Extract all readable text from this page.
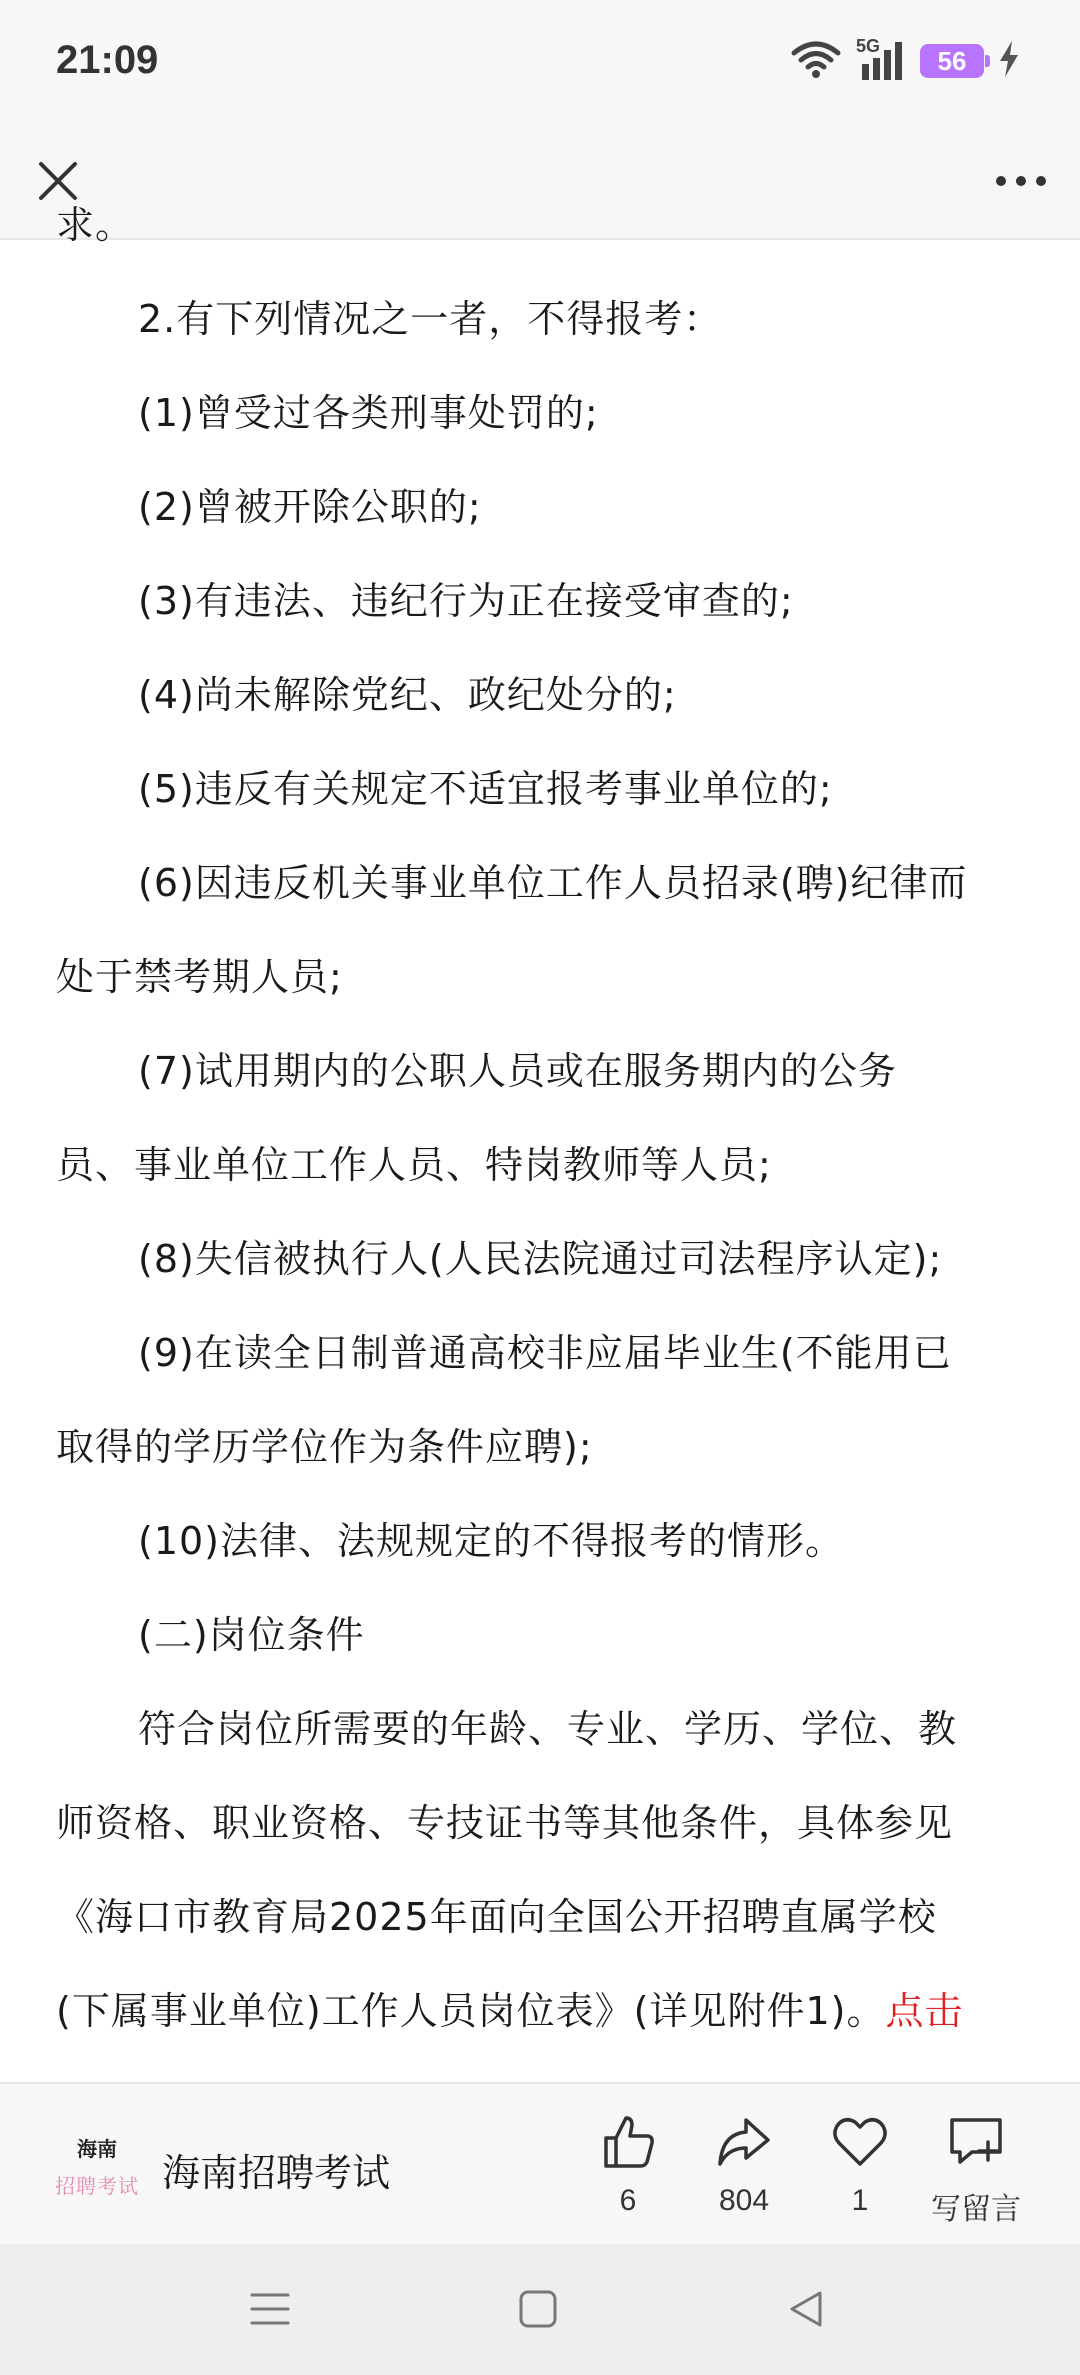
21:09	5G 56
求。
2.有下列情况之一者，不得报考：
(1)曾受过各类刑事处罚的;
(2)曾被开除公职的;
(3)有违法、违纪行为正在接受审查的;
(4)尚未解除党纪、政纪处分的;
(5)违反有关规定不适宜报考事业单位的;
(6)因违反机关事业单位工作人员招录(聘)纪律而
处于禁考期人员;
(7)试用期内的公职人员或在服务期内的公务
员、事业单位工作人员、特岗教师等人员;
(8)失信被执行人(人民法院通过司法程序认定);
(9)在读全日制普通高校非应届毕业生(不能用已
取得的学历学位作为条件应聘);
(10)法律、法规规定的不得报考的情形。
(二)岗位条件
符合岗位所需要的年龄、专业、学历、学位、教
师资格、职业资格、专技证书等其他条件，具体参见
《海口市教育局2025年面向全国公开招聘直属学校
(下属事业单位)工作人员岗位表》(详见附件1)。点击
海南
招聘考试 海南招聘考试
6	804	1 写留言
